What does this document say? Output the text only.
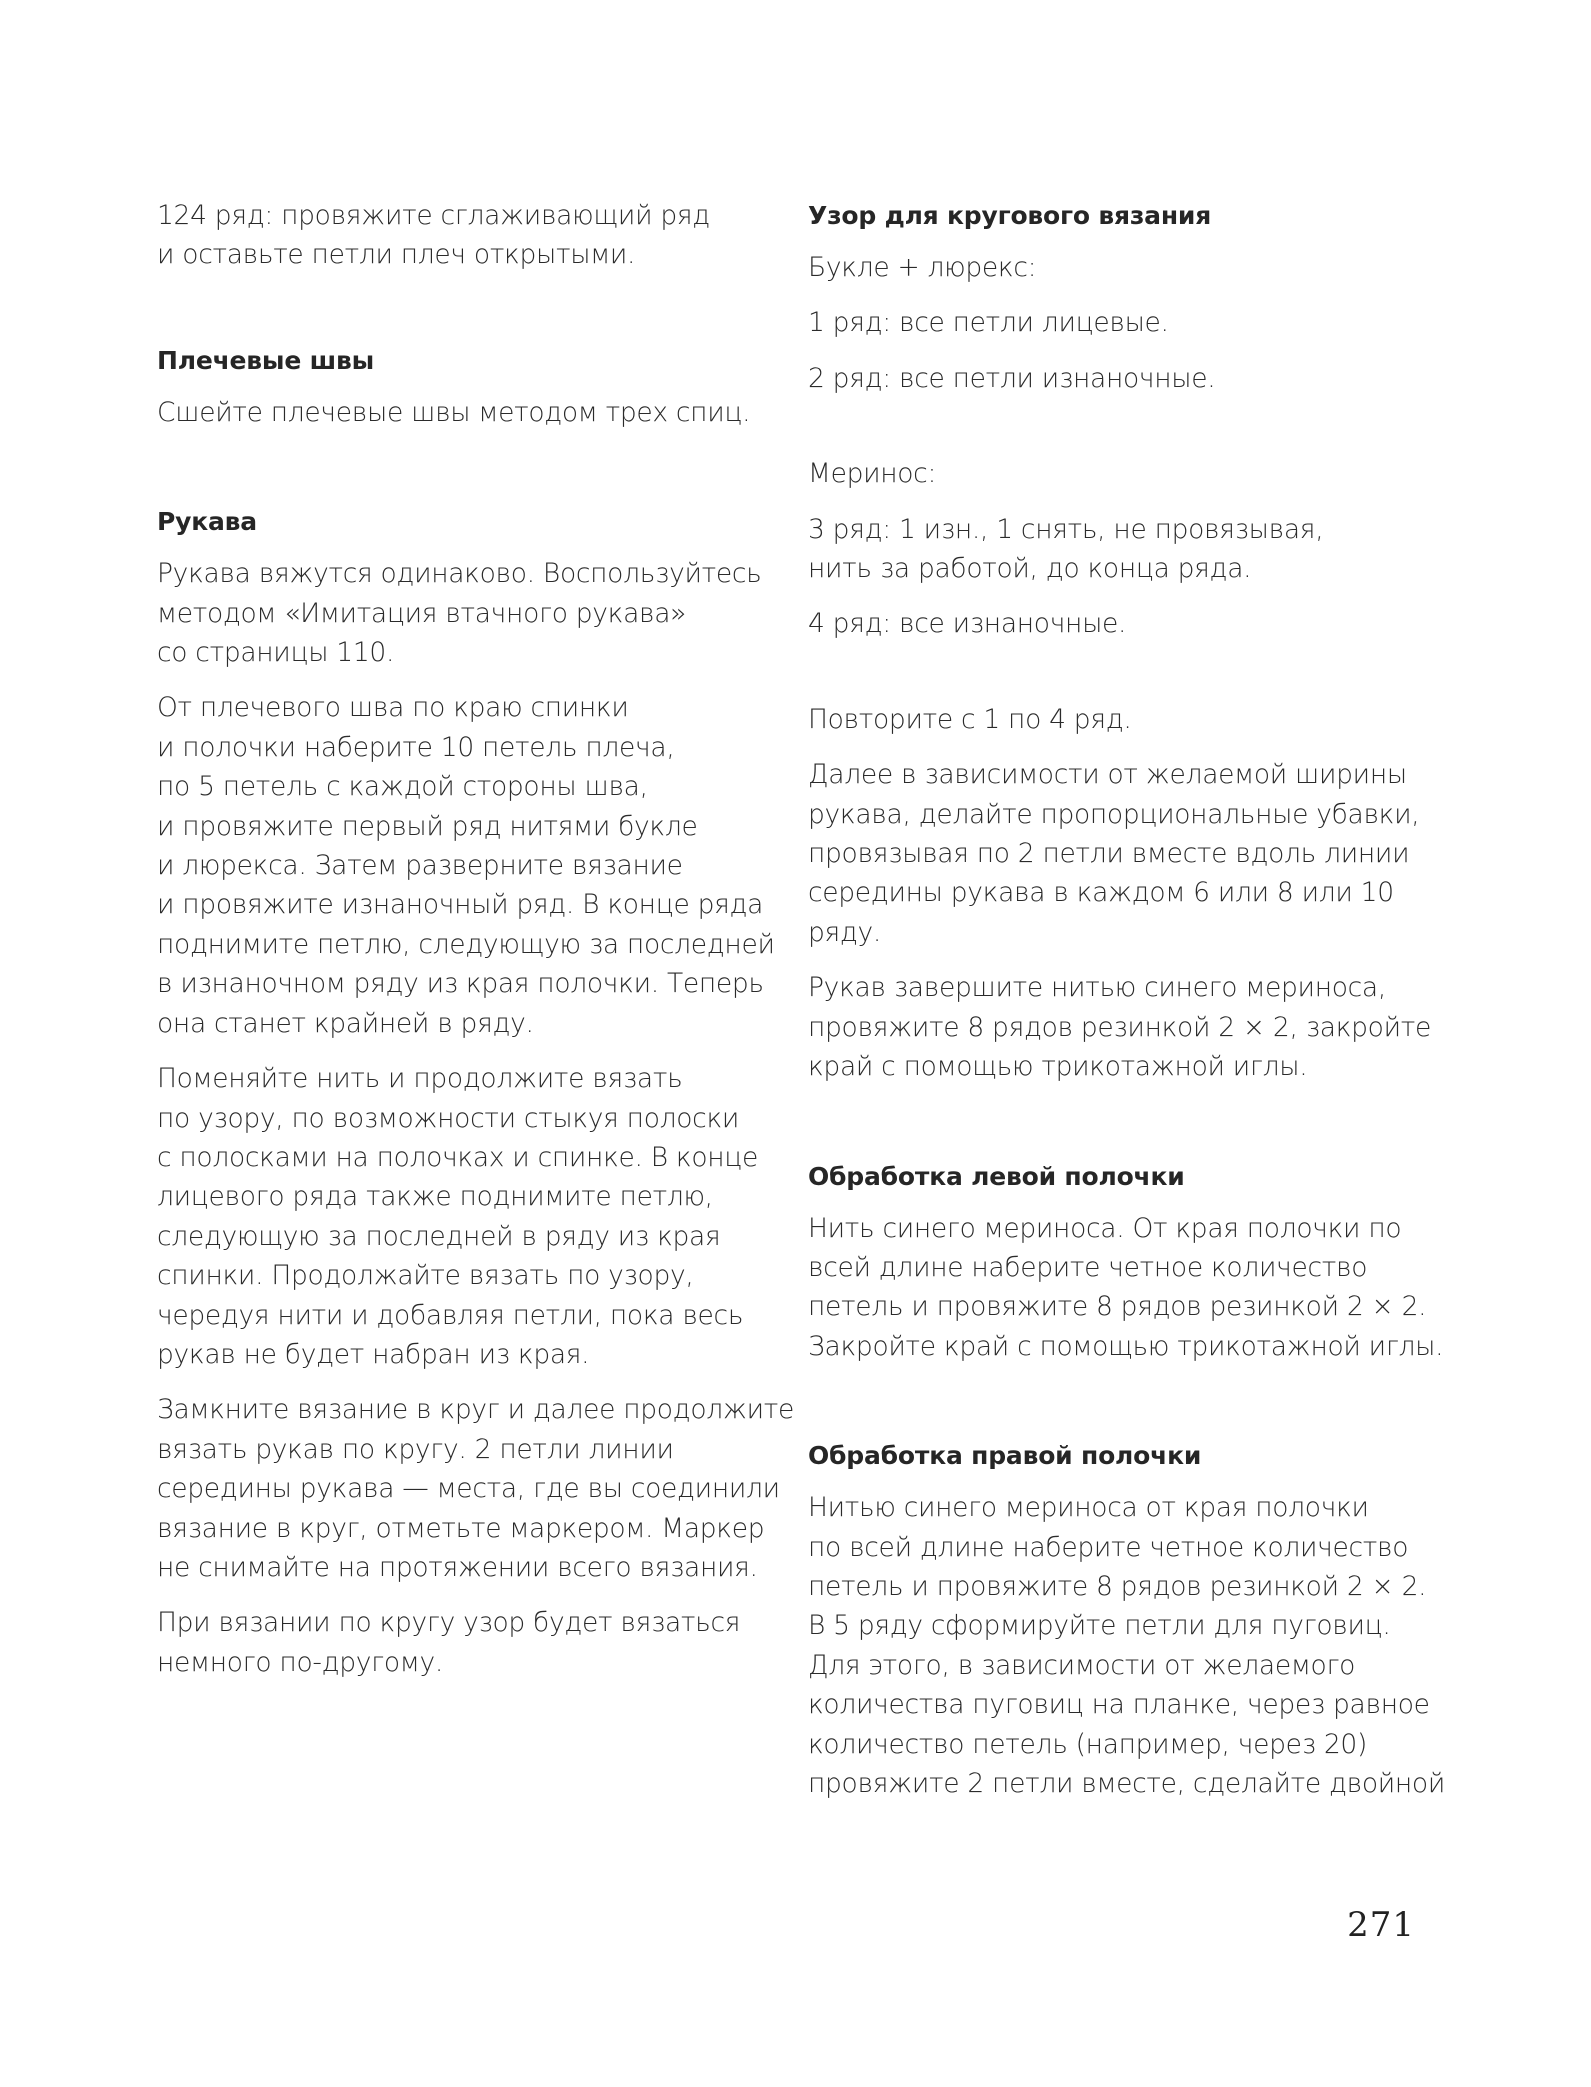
124 ряд: провяжите сглаживающий ряд
и оставьте петли плеч открытыми.

Плечевые швы

Сшейте плечевые швы методом трех спиц.

Рукава

Рукава вяжутся одинаково. Воспользуйтесь
методом «Имитация втачного рукава»
со страницы 110.

От плечевого шва по краю спинки
и полочки наберите 10 петель плеча,
по 5 петель с каждой стороны шва,
и провяжите первый ряд нитями букле
и люрекса. Затем разверните вязание
и провяжите изнаночный ряд. В конце ряда
поднимите петлю, следующую за последней
в изнаночном ряду из края полочки. Теперь
она станет крайней в ряду.

Поменяйте нить и продолжите вязать
по узору, по возможности стыкуя полоски
с полосками на полочках и спинке. В конце
лицевого ряда также поднимите петлю,
следующую за последней в ряду из края
спинки. Продолжайте вязать по узору,
чередуя нити и добавляя петли, пока весь
рукав не будет набран из края.

Замкните вязание в круг и далее продолжите
вязать рукав по кругу. 2 петли линии
середины рукава — места, где вы соединили
вязание в круг, отметьте маркером. Маркер
не снимайте на протяжении всего вязания.

При вязании по кругу узор будет вязаться
немного по-другому.

Узор для кругового вязания

Букле + люрекс:

1 ряд: все петли лицевые.

2 ряд: все петли изнаночные.

Меринос:

3 ряд: 1 изн., 1 снять, не провязывая,
нить за работой, до конца ряда.

4 ряд: все изнаночные.

Повторите с 1 по 4 ряд.

Далее в зависимости от желаемой ширины
рукава, делайте пропорциональные убавки,
провязывая по 2 петли вместе вдоль линии
середины рукава в каждом 6 или 8 или 10
ряду.

Рукав завершите нитью синего мериноса,
провяжите 8 рядов резинкой 2 × 2, закройте
край с помощью трикотажной иглы.

Обработка левой полочки

Нить синего мериноса. От края полочки по
всей длине наберите четное количество
петель и провяжите 8 рядов резинкой 2 × 2.
Закройте край с помощью трикотажной иглы.

Обработка правой полочки

Нитью синего мериноса от края полочки
по всей длине наберите четное количество
петель и провяжите 8 рядов резинкой 2 × 2.
В 5 ряду сформируйте петли для пуговиц.
Для этого, в зависимости от желаемого
количества пуговиц на планке, через равное
количество петель (например, через 20)
провяжите 2 петли вместе, сделайте двойной

271
